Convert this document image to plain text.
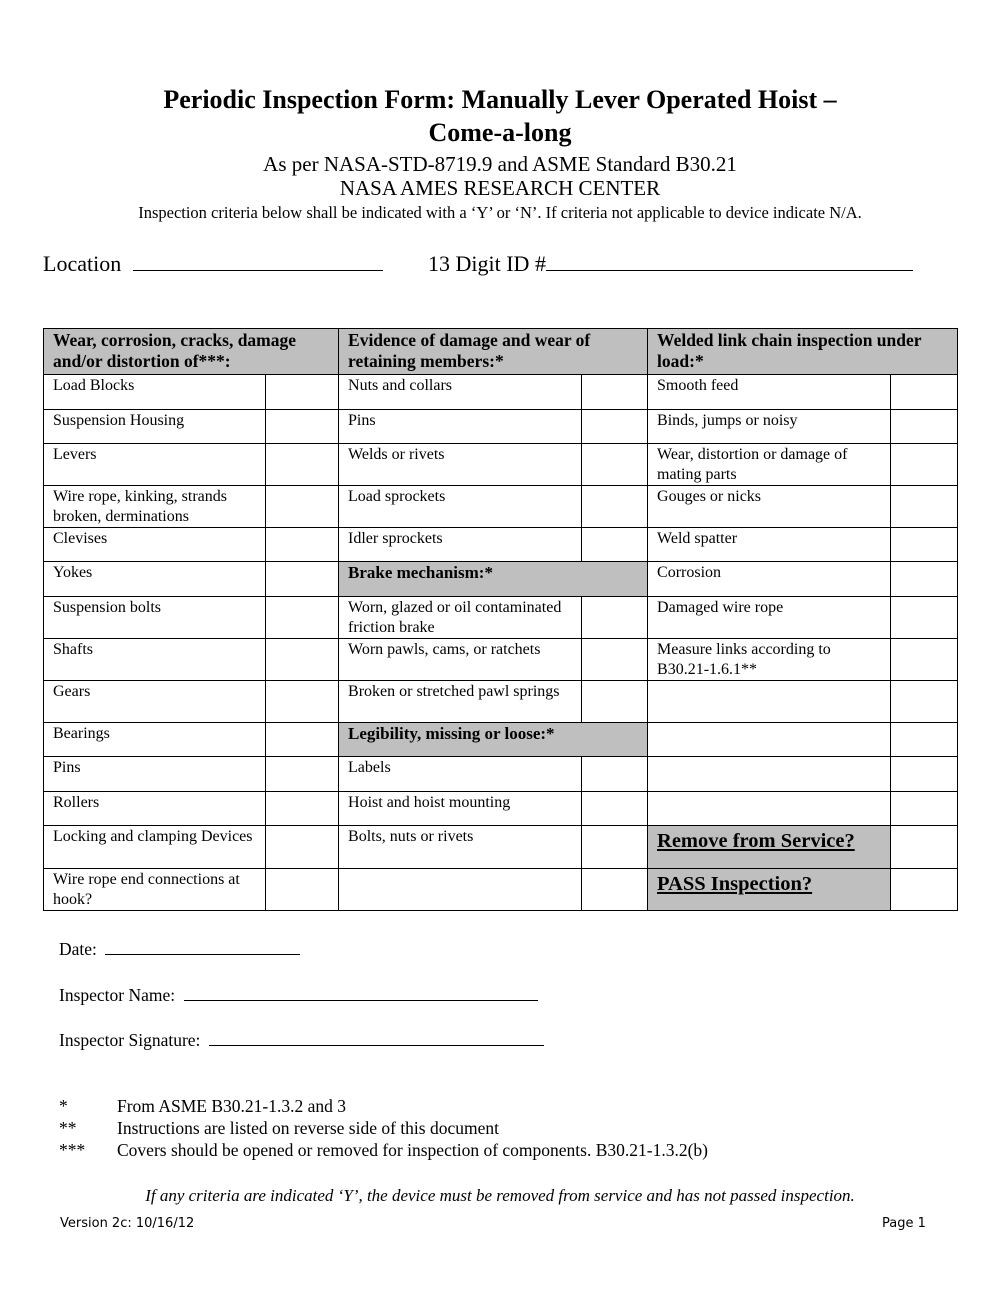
Periodic Inspection Form: Manually Lever Operated Hoist –
Come-a-long
As per NASA-STD-8719.9 and ASME Standard B30.21
NASA AMES RESEARCH CENTER
Inspection criteria below shall be indicated with a ‘Y’ or ‘N’. If criteria not applicable to device indicate N/A.
Location	13 Digit ID #
Wear, corrosion, cracks, damage and/or distortion of***:		Evidence of damage and wear of retaining members:*		Welded link chain inspection under load:*	
Load Blocks		Nuts and collars		Smooth feed	
Suspension Housing		Pins		Binds, jumps or noisy	
Levers		Welds or rivets		Wear, distortion or damage of mating parts	
Wire rope, kinking, strands broken, derminations		Load sprockets		Gouges or nicks	
Clevises		Idler sprockets		Weld spatter	
Yokes		Brake mechanism:*		Corrosion	
Suspension bolts		Worn, glazed or oil contaminated friction brake		Damaged wire rope	
Shafts		Worn pawls, cams, or ratchets		Measure links according to B30.21-1.6.1**	
Gears		Broken or stretched pawl springs			
Bearings		Legibility, missing or loose:*			
Pins		Labels			
Rollers		Hoist and hoist mounting			
Locking and clamping Devices		Bolts, nuts or rivets		Remove from Service?	
Wire rope end connections at hook?				PASS Inspection?	
Date:
Inspector Name:
Inspector Signature:
*	From ASME B30.21-1.3.2 and 3
** Instructions are listed on reverse side of this document
*** Covers should be opened or removed for inspection of components. B30.21-1.3.2(b)
If any criteria are indicated ‘Y’, the device must be removed from service and has not passed inspection.
Version 2c: 10/16/12	Page 1
